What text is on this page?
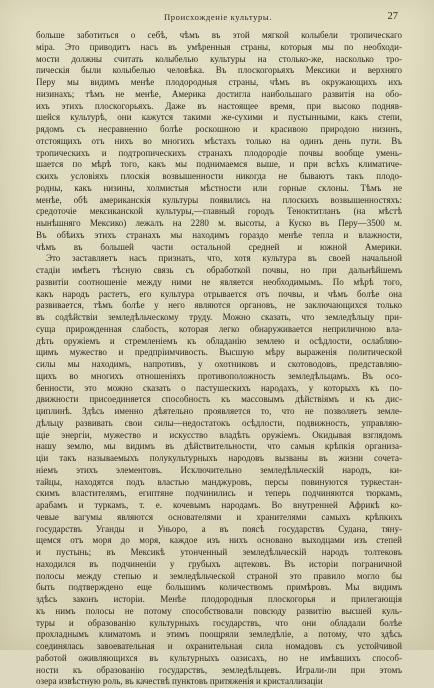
Происхожденіе культуры.	27
больше заботиться о себѣ, чѣмъ въ этой мягкой колыбели тропическаго
міра. Это приводитъ насъ въ умѣренныя страны, которыя мы по необходи-
мости должны считать колыбелью культуры на столько-же, насколько тро-
пическія были колыбелью человѣка. Въ плоскогорьяхъ Мексики и верхняго
Перу мы видимъ менѣе плодородныя страны, чѣмъ въ окружающихъ ихъ
низинахъ; тѣмъ не менѣе, Америка достигла наибольшаго развитія на обо-
ихъ этихъ плоскогорьяхъ. Даже въ настоящее время, при высоко подняв-
шейся культурѣ, они кажутся такими же-сухими и пустынными, какъ степи,
рядомъ съ несравненно болѣе роскошною и красивою природою низинъ,
отстоящихъ отъ нихъ во многихъ мѣстахъ только на одинъ день пути. Въ
тропическихъ и подтропическихъ странахъ плодородіе почвы вообще умень-
шается по мѣрѣ того, какъ мы поднимаемся выше, и при всѣхъ климатиче-
скихъ условіяхъ плоскія возвышенности никогда не бываютъ такъ плодо-
родны, какъ низины, холмистыя мѣстности или горные склоны. Тѣмъ не
менѣе, обѣ американскія культуры появились на плоскихъ возвышенностяхъ:
средоточіе мексиканской культуры,—главный городъ Теноктитланъ (на мѣстѣ
нынѣшняго Мексико) лежалъ на 2280 м. высоты, а Куско въ Перу—3500 м.
Въ обѣихъ этихъ странахъ мы находимъ гораздо менѣе тепла и влажности,
чѣмъ въ большей части остальной средней и южной Америки.
Это заставляетъ насъ признать, что, хотя культура въ своей начальной
стадіи имѣетъ тѣсную связь съ обработкой почвы, но при дальнѣйшемъ
развитіи соотношеніе между ними не является необходимымъ. По мѣрѣ того,
какъ народъ растетъ, его культура отрывается отъ почвы, и чѣмъ болѣе она
развивается, тѣмъ болѣе у него являются органовъ, не заключающихся только
въ содѣйствіи земледѣльческому труду. Можно сказать, что земледѣльцу при-
суща прирожденная слабость, которая легко обнаруживается неприличною вла-
дѣть оружіемъ и стремленіемъ къ обладанію землею и осѣдлости, ослабляю-
щимъ мужество и предпріимчивость. Высшую мѣру выраженія политической
силы мы находимъ, напротивъ, у охотниковъ и скотоводовъ, представляю-
щихъ во многихъ отношеніяхъ противоположность земледѣльцамъ. Въ осо-
бенности, это можно сказать о пастушескихъ народахъ, у которыхъ къ по-
движности присоединяется способность къ массовымъ дѣйствіямъ и къ дис-
циплинѣ. Здѣсь именно дѣятельно проявляется то, что не позволяетъ земле-
дѣльцу развивать свои силы—недостатокъ осѣдлости, подвижность, управляю-
щіе энергіи, мужество и искусство владѣть оружіемъ. Окидывая взглядомъ
нашу землю, мы видимъ въ дѣйствительности, что самыя крѣпкія организа-
ціи такъ называемыхъ полукультурныхъ народовъ вызваны въ жизни сочета-
ніемъ этихъ элементовъ. Исключительно земледѣльческій народъ, ки-
тайцы, находятся подъ властью манджуровъ, персы повинуются туркестан-
скимъ властителямъ, египтяне подчинились и теперь подчиняются тюркамъ,
арабамъ и туркамъ, т. е. кочевымъ народамъ. Во внутренней Африкѣ ко-
чевые вагумы являются основателями и хранителями самыхъ крѣпкихъ
государствъ Уганды и Уньоро, а въ поясѣ государствъ Судана, тяну-
щемся отъ моря до моря, каждое изъ нихъ основано выходцами изъ степей
и пустынь; въ Мексикѣ утонченный земледѣльческій народъ толтековъ
находился въ подчиненіи у грубыхъ ацтековъ. Въ исторіи пограничной
полосы между степью и земледѣльческой страной это правило могло бы
быть подтверждено еще большимъ количествомъ примѣровъ. Мы видимъ
здѣсь законъ исторіи. Менѣе плодородныя плоскогорья и прилегающія
къ нимъ полосы не потому способствовали повсюду развитію высшей куль-
туры и образованію культурныхъ государствъ, что они обладали болѣе
прохладнымъ климатомъ и этимъ поощряли земледѣліе, а потому, что здѣсь
соединялась завоевательная и охранительная сила номадовъ съ устойчивой
работой оживляющихся въ культурныхъ оазисахъ, но не имѣвшихъ способ-
ности къ образованію государствъ, земледѣльцевъ. Играли-ли при этомъ
озера извѣстную роль, въ качествѣ пунктовъ притяженія и кристаллизаціи
